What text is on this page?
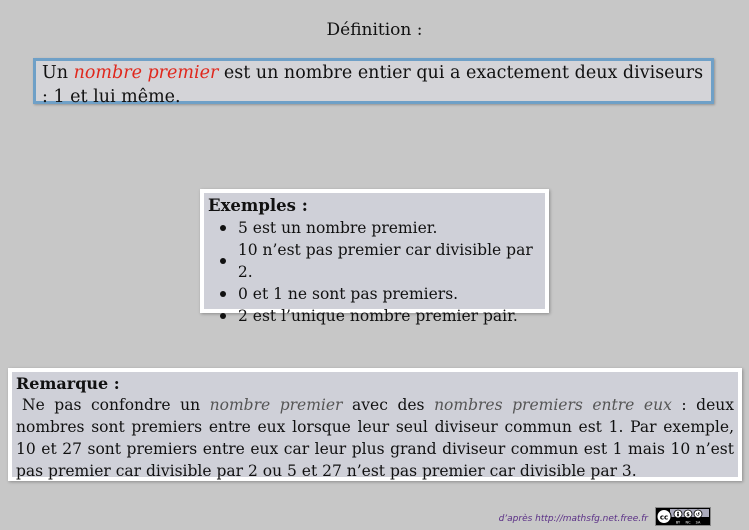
Définition :
Un nombre premier est un nombre entier qui a exactement deux diviseurs : 1 et lui même.
Exemples :
5 est un nombre premier.
10 n’est pas premier car divisible par 2.
0 et 1 ne sont pas premiers.
2 est l’unique nombre premier pair.
Remarque :
Ne pas confondre un nombre premier avec des nombres premiers entre eux : deux nombres sont premiers entre eux lorsque leur seul diviseur commun est 1. Par exemple, 10 et 27 sont premiers entre eux car leur plus grand diviseur commun est 1 mais 10 n’est pas premier car divisible par 2 ou 5 et 27 n’est pas premier car divisible par 3.
d’après http://mathsfg.net.free.fr cc	$ ↺
BY NC SA
